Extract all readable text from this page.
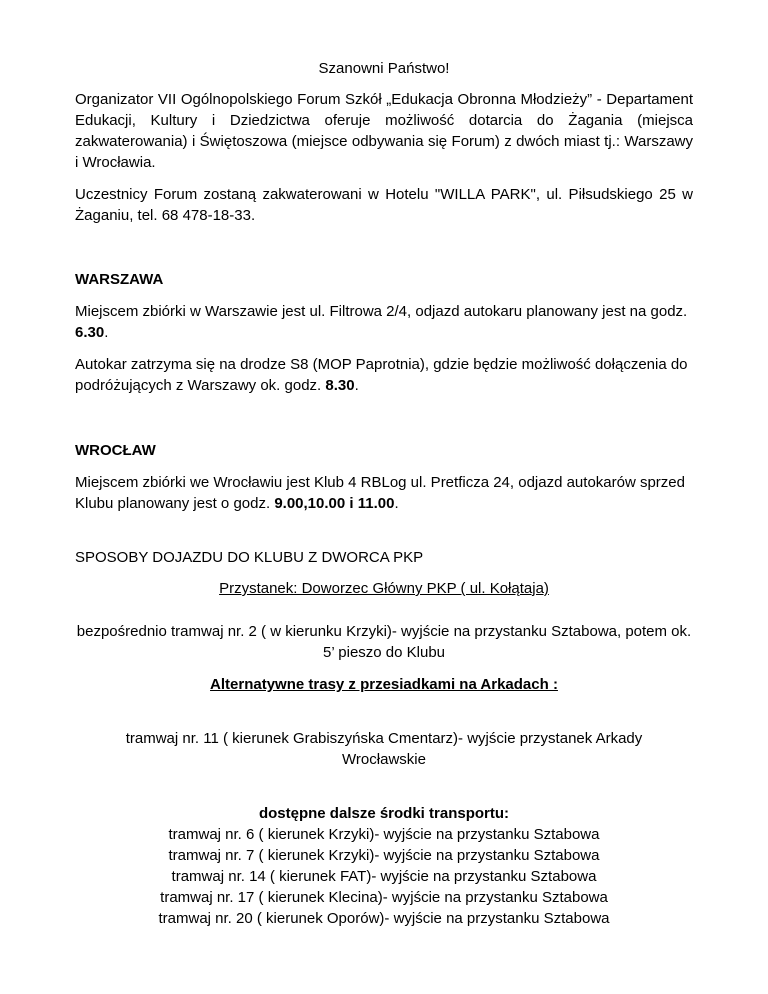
Szanowni Państwo!

Organizator VII Ogólnopolskiego Forum Szkół „Edukacja Obronna Młodzieży” - Departament Edukacji, Kultury i Dziedzictwa oferuje możliwość dotarcia do Żagania (miejsca zakwaterowania) i Świętoszowa (miejsce odbywania się Forum) z dwóch miast tj.: Warszawy i Wrocławia.

Uczestnicy Forum zostaną zakwaterowani w Hotelu "WILLA PARK", ul. Piłsudskiego 25 w Żaganiu, tel. 68 478-18-33.

WARSZAWA

Miejscem zbiórki w Warszawie jest ul. Filtrowa 2/4, odjazd autokaru planowany jest na godz. 6.30.

Autokar zatrzyma się na drodze S8 (MOP Paprotnia), gdzie będzie możliwość dołączenia do podróżujących z Warszawy ok. godz. 8.30.

WROCŁAW

Miejscem zbiórki we Wrocławiu jest Klub 4 RBLog ul. Pretficza 24, odjazd autokarów sprzed Klubu planowany jest o godz. 9.00,10.00 i 11.00.

SPOSOBY DOJAZDU DO KLUBU Z DWORCA PKP

Przystanek: Doworzec Główny PKP ( ul. Kołątaja)

bezpośrednio tramwaj nr. 2 ( w kierunku Krzyki)- wyjście na przystanku Sztabowa, potem ok. 5’ pieszo do Klubu

Alternatywne trasy z przesiadkami na Arkadach :

tramwaj nr. 11 ( kierunek Grabiszyńska Cmentarz)- wyjście przystanek Arkady Wrocławskie

dostępne dalsze środki transportu:

tramwaj nr. 6 ( kierunek Krzyki)- wyjście na przystanku Sztabowa

tramwaj nr. 7 ( kierunek Krzyki)- wyjście na przystanku Sztabowa

tramwaj nr. 14 ( kierunek FAT)- wyjście na przystanku Sztabowa

tramwaj nr. 17 ( kierunek Klecina)- wyjście na przystanku Sztabowa

tramwaj nr. 20 ( kierunek Oporów)- wyjście na przystanku Sztabowa
